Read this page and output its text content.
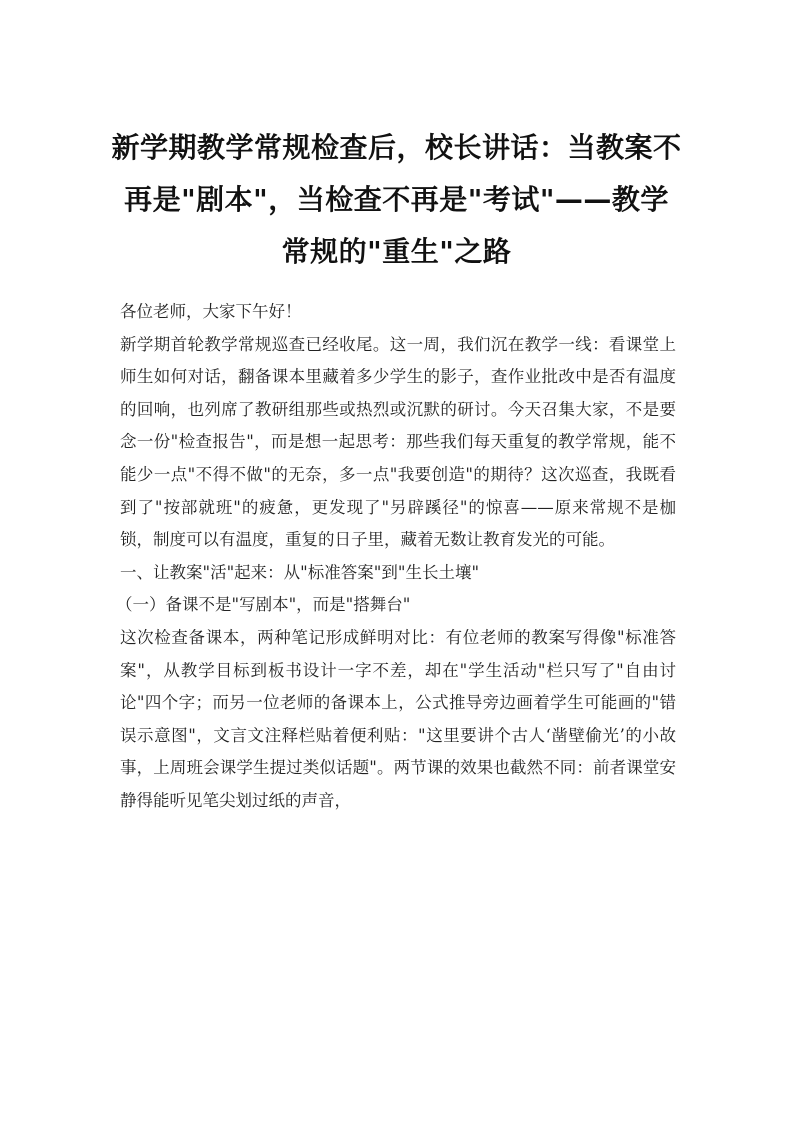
新学期教学常规检查后，校长讲话：当教案不再是"剧本"，当检查不再是"考试"——教学常规的"重生"之路

各位老师，大家下午好！

新学期首轮教学常规巡查已经收尾。这一周，我们沉在教学一线：看课堂上师生如何对话，翻备课本里藏着多少学生的影子，查作业批改中是否有温度的回响，也列席了教研组那些或热烈或沉默的研讨。今天召集大家，不是要念一份"检查报告"，而是想一起思考：那些我们每天重复的教学常规，能不能少一点"不得不做"的无奈，多一点"我要创造"的期待？这次巡查，我既看到了"按部就班"的疲惫，更发现了"另辟蹊径"的惊喜——原来常规不是枷锁，制度可以有温度，重复的日子里，藏着无数让教育发光的可能。

一、让教案"活"起来：从"标准答案"到"生长土壤"

（一）备课不是"写剧本"，而是"搭舞台"

这次检查备课本，两种笔记形成鲜明对比：有位老师的教案写得像"标准答案"，从教学目标到板书设计一字不差，却在"学生活动"栏只写了"自由讨论"四个字；而另一位老师的备课本上，公式推导旁边画着学生可能画的"错误示意图"，文言文注释栏贴着便利贴："这里要讲个古人‘凿壁偷光’的小故事，上周班会课学生提过类似话题"。两节课的效果也截然不同：前者课堂安静得能听见笔尖划过纸的声音，
